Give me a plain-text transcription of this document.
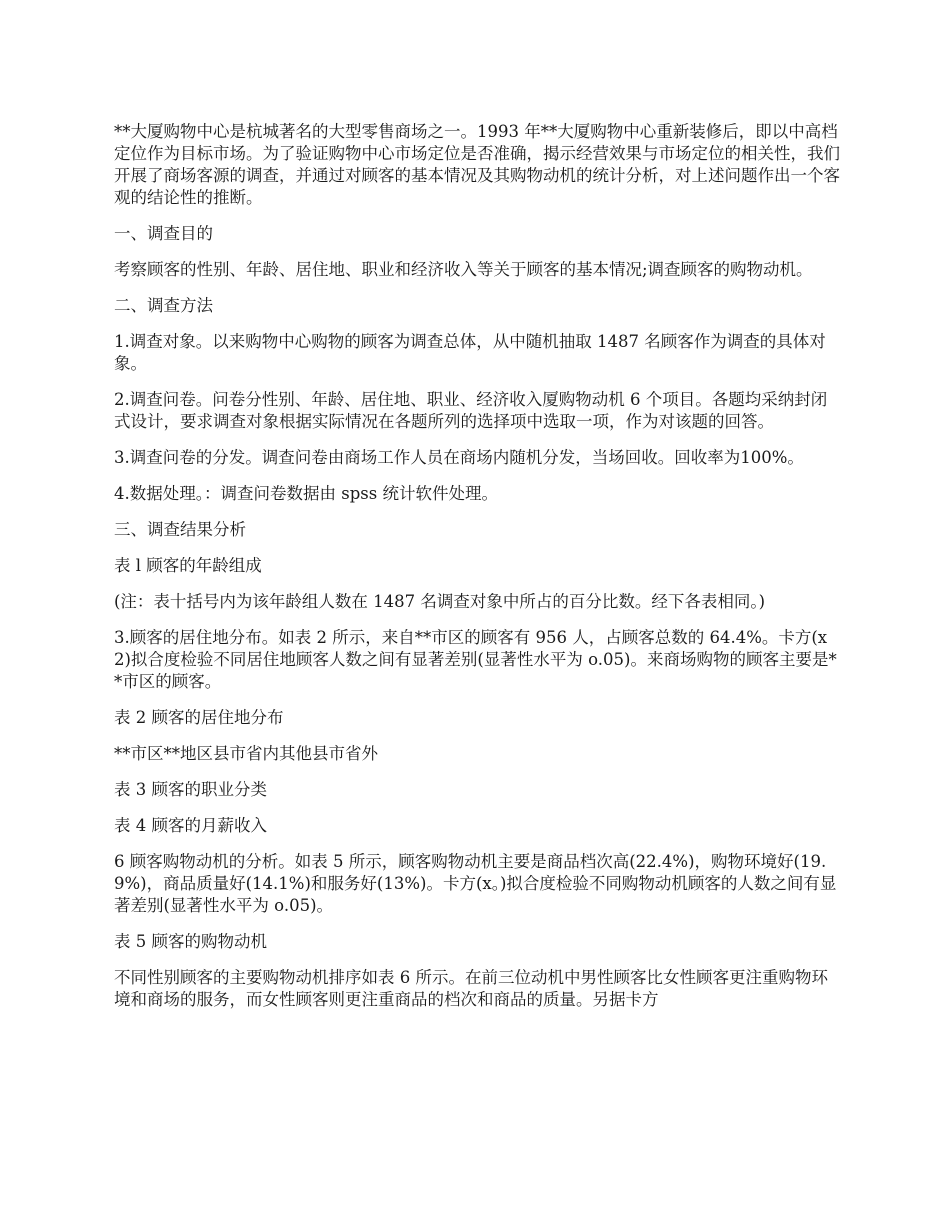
**大厦购物中心是杭城著名的大型零售商场之一。1993 年**大厦购物中心重新装修后，即以中高档定位作为目标市场。为了验证购物中心市场定位是否准确，揭示经营效果与市场定位的相关性，我们开展了商场客源的调查，并通过对顾客的基本情况及其购物动机的统计分析，对上述问题作出一个客观的结论性的推断。

一、调查目的

考察顾客的性别、年龄、居住地、职业和经济收入等关于顾客的基本情况;调查顾客的购物动机。

二、调查方法

1.调查对象。以来购物中心购物的顾客为调查总体，从中随机抽取 1487 名顾客作为调查的具体对象。

2.调查问卷。问卷分性别、年龄、居住地、职业、经济收入厦购物动机 6 个项目。各题均采纳封闭式设计，要求调查对象根据实际情况在各题所列的选择项中选取一项，作为对该题的回答。

3.调查问卷的分发。调查问卷由商场工作人员在商场内随机分发，当场回收。回收率为100%。

4.数据处理。：调查问卷数据由 spss 统计软件处理。

三、调查结果分析

表 l 顾客的年龄组成

(注：表十括号内为该年龄组人数在 1487 名调查对象中所占的百分比数。经下各表相同。)

3.顾客的居住地分布。如表 2 所示，来自**市区的顾客有 956 人，占顾客总数的 64.4%。卡方(x2)拟合度检验不同居住地顾客人数之间有显著差别(显著性水平为 o.05)。来商场购物的顾客主要是**市区的顾客。

表 2 顾客的居住地分布

**市区**地区县市省内其他县市省外

表 3 顾客的职业分类

表 4 顾客的月薪收入

6 顾客购物动机的分析。如表 5 所示，顾客购物动机主要是商品档次高(22.4%)，购物环境好(19.9%)，商品质量好(14.1%)和服务好(13%)。卡方(x。)拟合度检验不同购物动机顾客的人数之间有显著差别(显著性水平为 o.05)。

表 5 顾客的购物动机

不同性别顾客的主要购物动机排序如表 6 所示。在前三位动机中男性顾客比女性顾客更注重购物环境和商场的服务，而女性顾客则更注重商品的档次和商品的质量。另据卡方
